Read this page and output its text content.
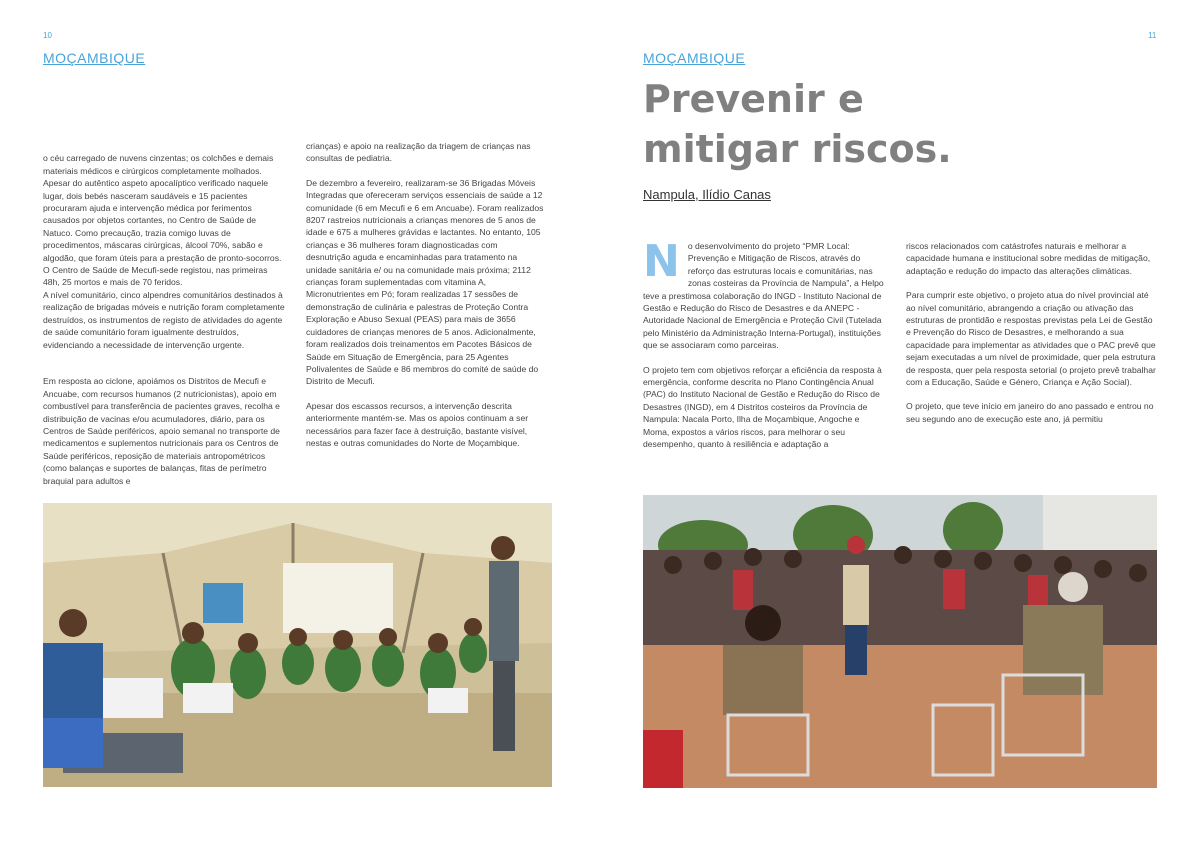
10
MOÇAMBIQUE

o céu carregado de nuvens cinzentas; os colchões e demais materiais médicos e cirúrgicos completamente molhados. Apesar do autêntico aspeto apocalíptico verificado naquele lugar, dois bebés nasceram saudáveis e 15 pacientes procuraram ajuda e intervenção médica por ferimentos causados por objetos cortantes, no Centro de Saúde de Natuco. Como precaução, trazia comigo luvas de procedimentos, máscaras cirúrgicas, álcool 70%, sabão e algodão, que foram úteis para a prestação de pronto-socorros. O Centro de Saúde de Mecufi-sede registou, nas primeiras 48h, 25 mortos e mais de 70 feridos.
A nível comunitário, cinco alpendres comunitários destinados à realização de brigadas móveis e nutrição foram completamente destruídos, os instrumentos de registo de atividades do agente de saúde comunitário foram igualmente destruídos, evidenciando a necessidade de intervenção urgente.

Em resposta ao ciclone, apoiámos os Distritos de Mecufi e Ancuabe, com recursos humanos (2 nutricionistas), apoio em combustível para transferência de pacientes graves, recolha e distribuição de vacinas e/ou acumuladores, diário, para os Centros de Saúde periféricos, apoio semanal no transporte de medicamentos e suplementos nutricionais para os Centros de Saúde periféricos, reposição de materiais antropométricos (como balanças e suportes de balanças, fitas de perímetro braquial para adultos e

crianças) e apoio na realização da triagem de crianças nas consultas de pediatria.

De dezembro a fevereiro, realizaram-se 36 Brigadas Móveis Integradas que ofereceram serviços essenciais de saúde a 12 comunidade (6 em Mecufi e 6 em Ancuabe). Foram realizados 8207 rastreios nutricionais a crianças menores de 5 anos de idade e 675 a mulheres grávidas e lactantes. No entanto, 105 crianças e 36 mulheres foram diagnosticadas com desnutrição aguda e encaminhadas para tratamento na unidade sanitária e/ ou na comunidade mais próxima; 2112 crianças foram suplementadas com vitamina A, Micronutrientes em Pó; foram realizadas 17 sessões de demonstração de culinária e palestras de Proteção Contra Exploração e Abuso Sexual (PEAS) para mais de 3656 cuidadores de crianças menores de 5 anos. Adicionalmente, foram realizados dois treinamentos em Pacotes Básicos de Saúde em Situação de Emergência, para 25 Agentes Polivalentes de Saúde e 86 membros do comité de saúde do Distrito de Mecufi.

Apesar dos escassos recursos, a intervenção descrita anteriormente mantém-se. Mas os apoios continuam a ser necessários para fazer face à destruição, bastante visível, nestas e outras comunidades do Norte de Moçambique.

11
MOÇAMBIQUE
Prevenir e
mitigar riscos.
Nampula, Ilídio Canas

No desenvolvimento do projeto “PMR Local: Prevenção e Mitigação de Riscos, através do reforço das estruturas locais e comunitárias, nas zonas costeiras da Província de Nampula”, a Helpo teve a prestimosa colaboração do INGD - Instituto Nacional de Gestão e Redução do Risco de Desastres e da ANEPC - Autoridade Nacional de Emergência e Proteção Civil (Tutelada pelo Ministério da Administração Interna-Portugal), instituições que se associaram como parceiras.

O projeto tem com objetivos reforçar a eficiência da resposta à emergência, conforme descrita no Plano Contingência Anual (PAC) do Instituto Nacional de Gestão e Redução do Risco de Desastres (INGD), em 4 Distritos costeiros da Província de Nampula: Nacala Porto, Ilha de Moçambique, Angoche e Moma, expostos a vários riscos, para melhorar o seu desempenho, quanto à resiliência e adaptação a

riscos relacionados com catástrofes naturais e melhorar a capacidade humana e institucional sobre medidas de mitigação, adaptação e redução do impacto das alterações climáticas.

Para cumprir este objetivo, o projeto atua do nível provincial até ao nível comunitário, abrangendo a criação ou ativação das estruturas de prontidão e respostas previstas pela Lei de Gestão e Prevenção do Risco de Desastres, e melhorando a sua capacidade para implementar as atividades que o PAC prevê que sejam executadas a um nível de proximidade, quer pela estrutura de resposta, quer pela resposta setorial (o projeto prevê trabalhar com a Educação, Saúde e Género, Criança e Ação Social).

O projeto, que teve início em janeiro do ano passado e entrou no seu segundo ano de execução este ano, já permitiu
